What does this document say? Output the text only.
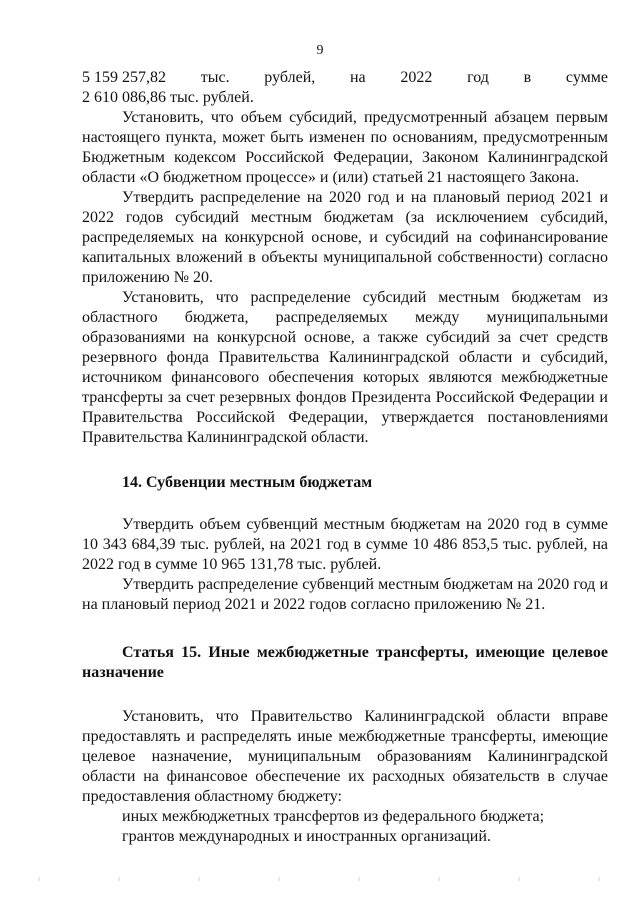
9
5 159 257,82 тыс. рублей, на 2022 год в сумме

2 610 086,86 тыс. рублей.

Установить, что объем субсидий, предусмотренный абзацем первым настоящего пункта, может быть изменен по основаниям, предусмотренным Бюджетным кодексом Российской Федерации, Законом Калининградской области «О бюджетном процессе» и (или) статьей 21 настоящего Закона.

Утвердить распределение на 2020 год и на плановый период 2021 и 2022 годов субсидий местным бюджетам (за исключением субсидий, распределяемых на конкурсной основе, и субсидий на софинансирование капитальных вложений в объекты муниципальной собственности) согласно приложению № 20.

Установить, что распределение субсидий местным бюджетам из областного бюджета, распределяемых между муниципальными образованиями на конкурсной основе, а также субсидий за счет средств резервного фонда Правительства Калининградской области и субсидий, источником финансового обеспечения которых являются межбюджетные трансферты за счет резервных фондов Президента Российской Федерации и Правительства Российской Федерации, утверждается постановлениями Правительства Калининградской области.

14. Субвенции местным бюджетам

Утвердить объем субвенций местным бюджетам на 2020 год в сумме 10 343 684,39 тыс. рублей, на 2021 год в сумме 10 486 853,5 тыс. рублей, на 2022 год в сумме 10 965 131,78 тыс. рублей.

Утвердить распределение субвенций местным бюджетам на 2020 год и на плановый период 2021 и 2022 годов согласно приложению № 21.

Статья 15. Иные межбюджетные трансферты, имеющие целевое назначение

Установить, что Правительство Калининградской области вправе предоставлять и распределять иные межбюджетные трансферты, имеющие целевое назначение, муниципальным образованиям Калининградской области на финансовое обеспечение их расходных обязательств в случае предоставления областному бюджету:

иных межбюджетных трансфертов из федерального бюджета;

грантов международных и иностранных организаций.
